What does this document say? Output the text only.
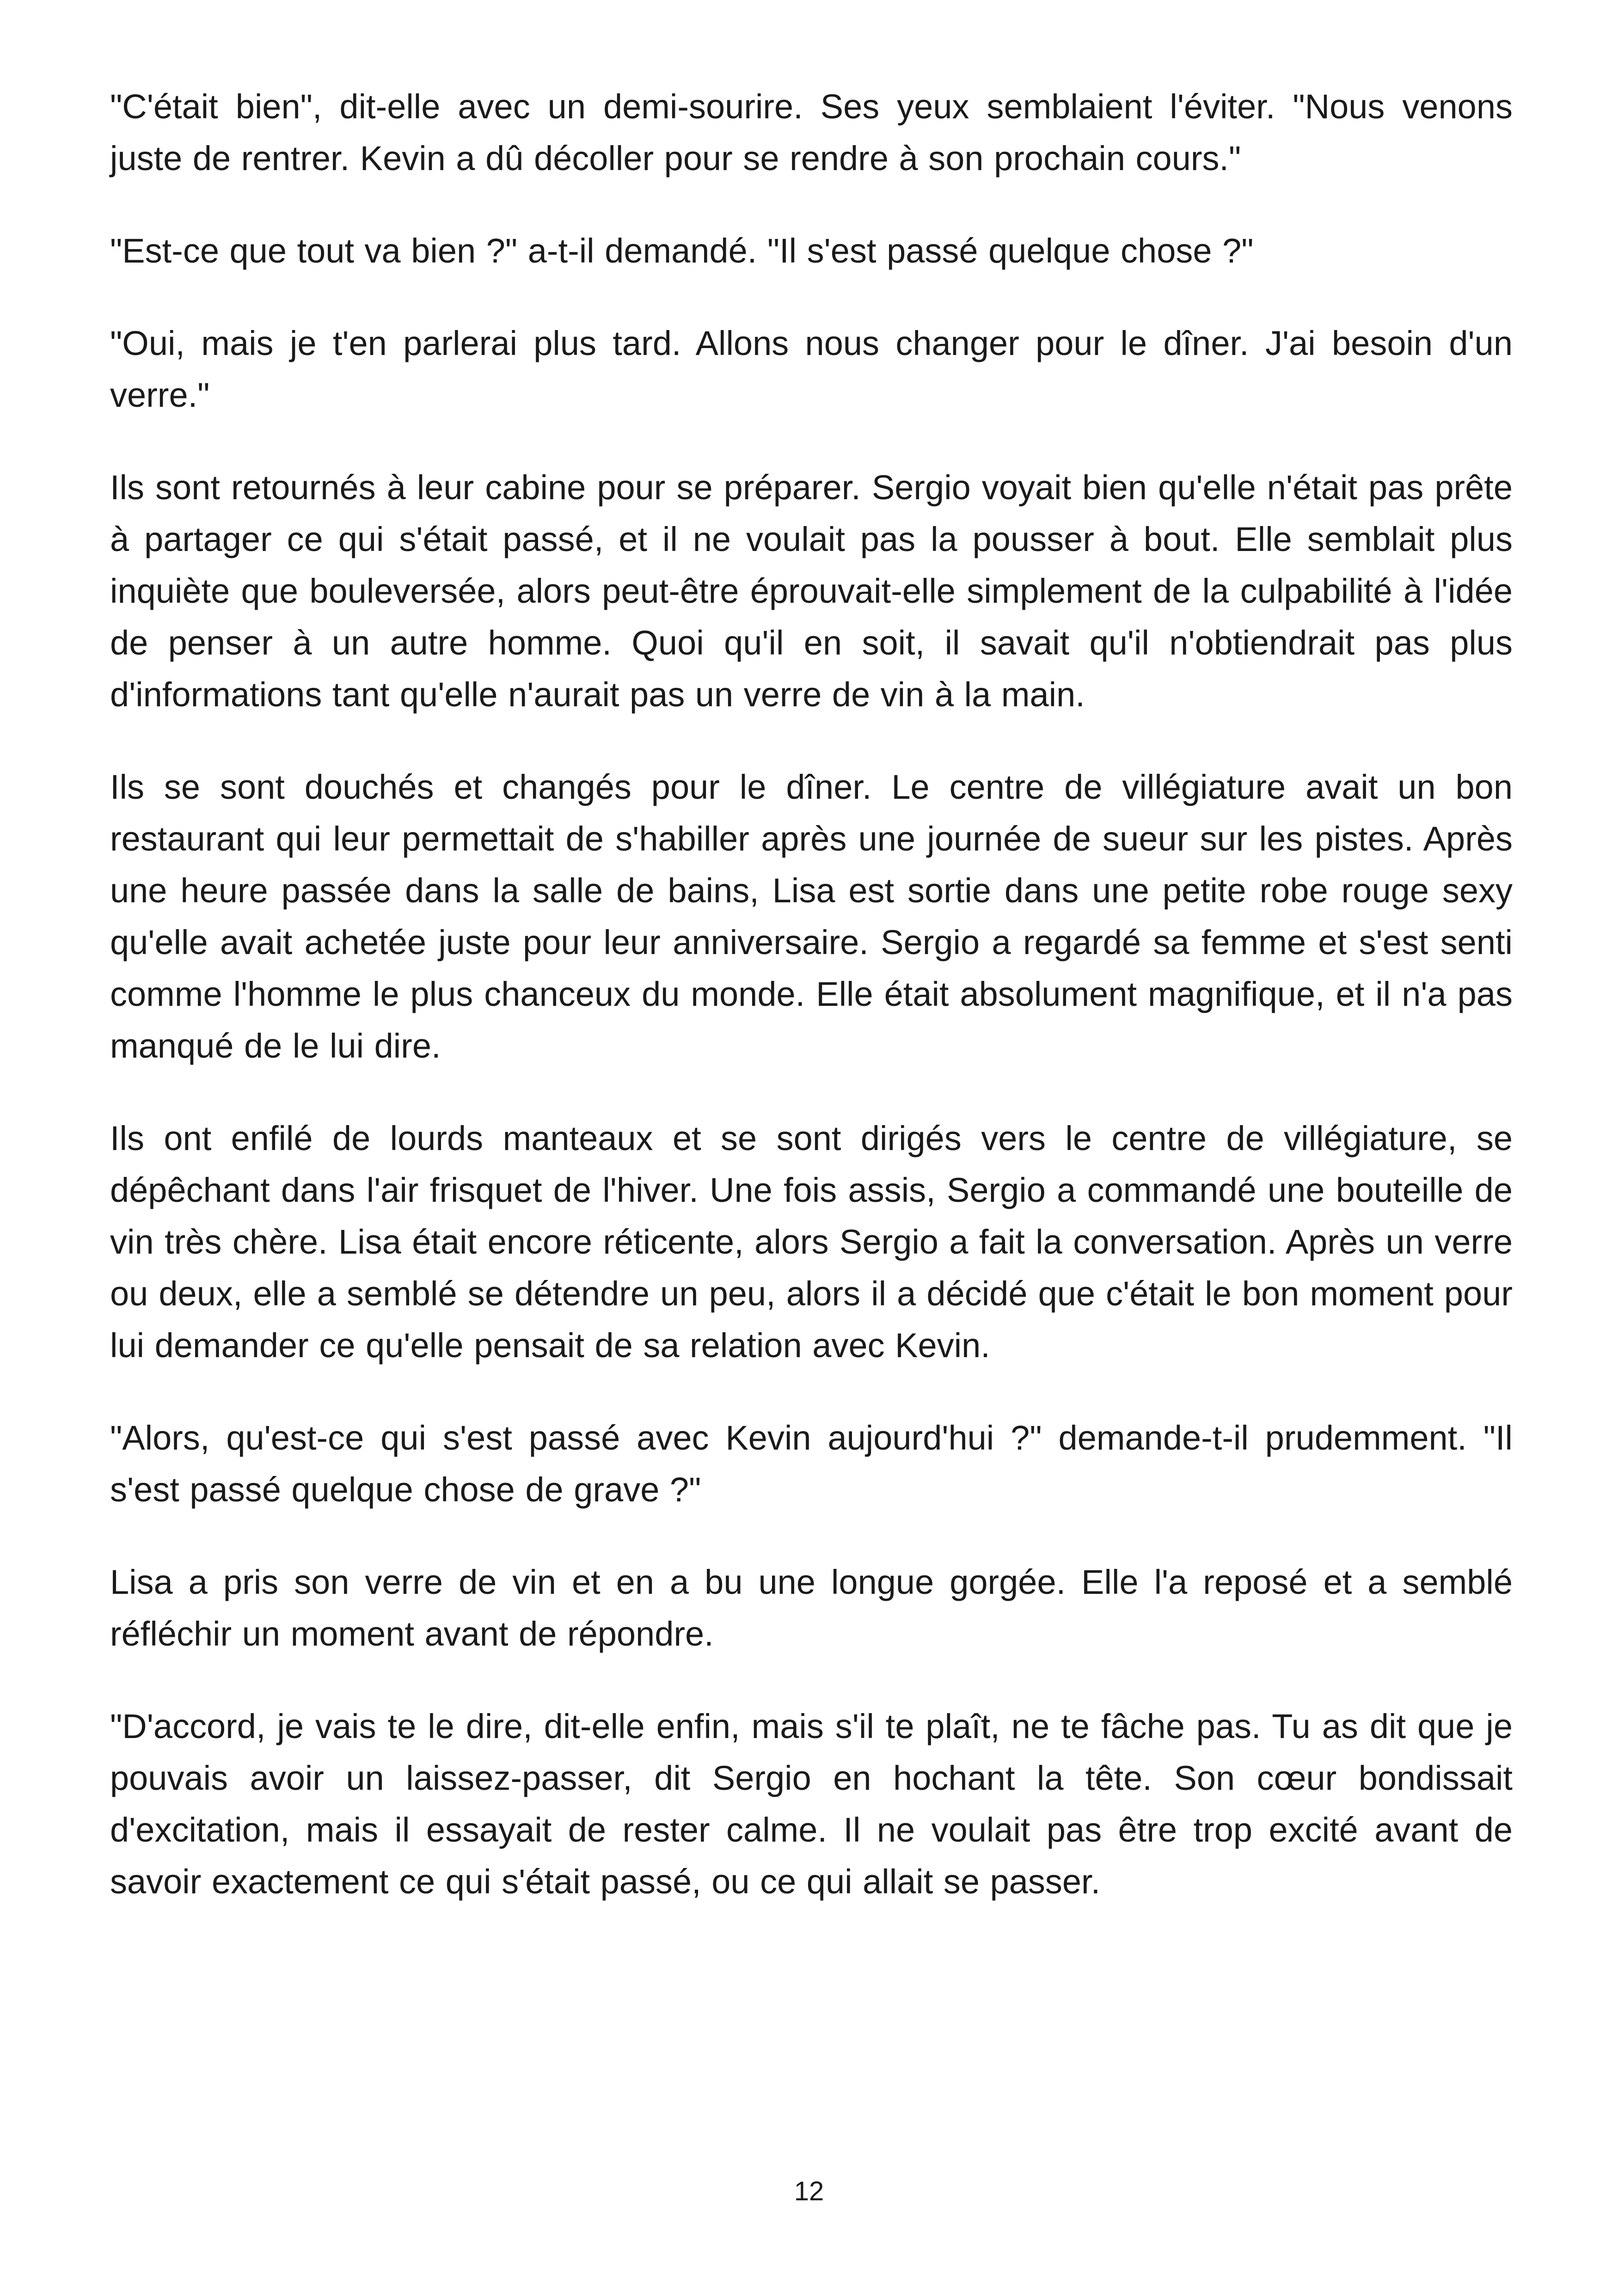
"C'était bien", dit-elle avec un demi-sourire. Ses yeux semblaient l'éviter. "Nous venons juste de rentrer. Kevin a dû décoller pour se rendre à son prochain cours."

"Est-ce que tout va bien ?" a-t-il demandé. "Il s'est passé quelque chose ?"

"Oui, mais je t'en parlerai plus tard. Allons nous changer pour le dîner. J'ai besoin d'un verre."

Ils sont retournés à leur cabine pour se préparer. Sergio voyait bien qu'elle n'était pas prête à partager ce qui s'était passé, et il ne voulait pas la pousser à bout. Elle semblait plus inquiète que bouleversée, alors peut-être éprouvait-elle simplement de la culpabilité à l'idée de penser à un autre homme. Quoi qu'il en soit, il savait qu'il n'obtiendrait pas plus d'informations tant qu'elle n'aurait pas un verre de vin à la main.

Ils se sont douchés et changés pour le dîner. Le centre de villégiature avait un bon restaurant qui leur permettait de s'habiller après une journée de sueur sur les pistes. Après une heure passée dans la salle de bains, Lisa est sortie dans une petite robe rouge sexy qu'elle avait achetée juste pour leur anniversaire. Sergio a regardé sa femme et s'est senti comme l'homme le plus chanceux du monde. Elle était absolument magnifique, et il n'a pas manqué de le lui dire.

Ils ont enfilé de lourds manteaux et se sont dirigés vers le centre de villégiature, se dépêchant dans l'air frisquet de l'hiver. Une fois assis, Sergio a commandé une bouteille de vin très chère. Lisa était encore réticente, alors Sergio a fait la conversation. Après un verre ou deux, elle a semblé se détendre un peu, alors il a décidé que c'était le bon moment pour lui demander ce qu'elle pensait de sa relation avec Kevin.

"Alors, qu'est-ce qui s'est passé avec Kevin aujourd'hui ?" demande-t-il prudemment. "Il s'est passé quelque chose de grave ?"

Lisa a pris son verre de vin et en a bu une longue gorgée. Elle l'a reposé et a semblé réfléchir un moment avant de répondre.

"D'accord, je vais te le dire, dit-elle enfin, mais s'il te plaît, ne te fâche pas. Tu as dit que je pouvais avoir un laissez-passer, dit Sergio en hochant la tête. Son cœur bondissait d'excitation, mais il essayait de rester calme. Il ne voulait pas être trop excité avant de savoir exactement ce qui s'était passé, ou ce qui allait se passer.

12
